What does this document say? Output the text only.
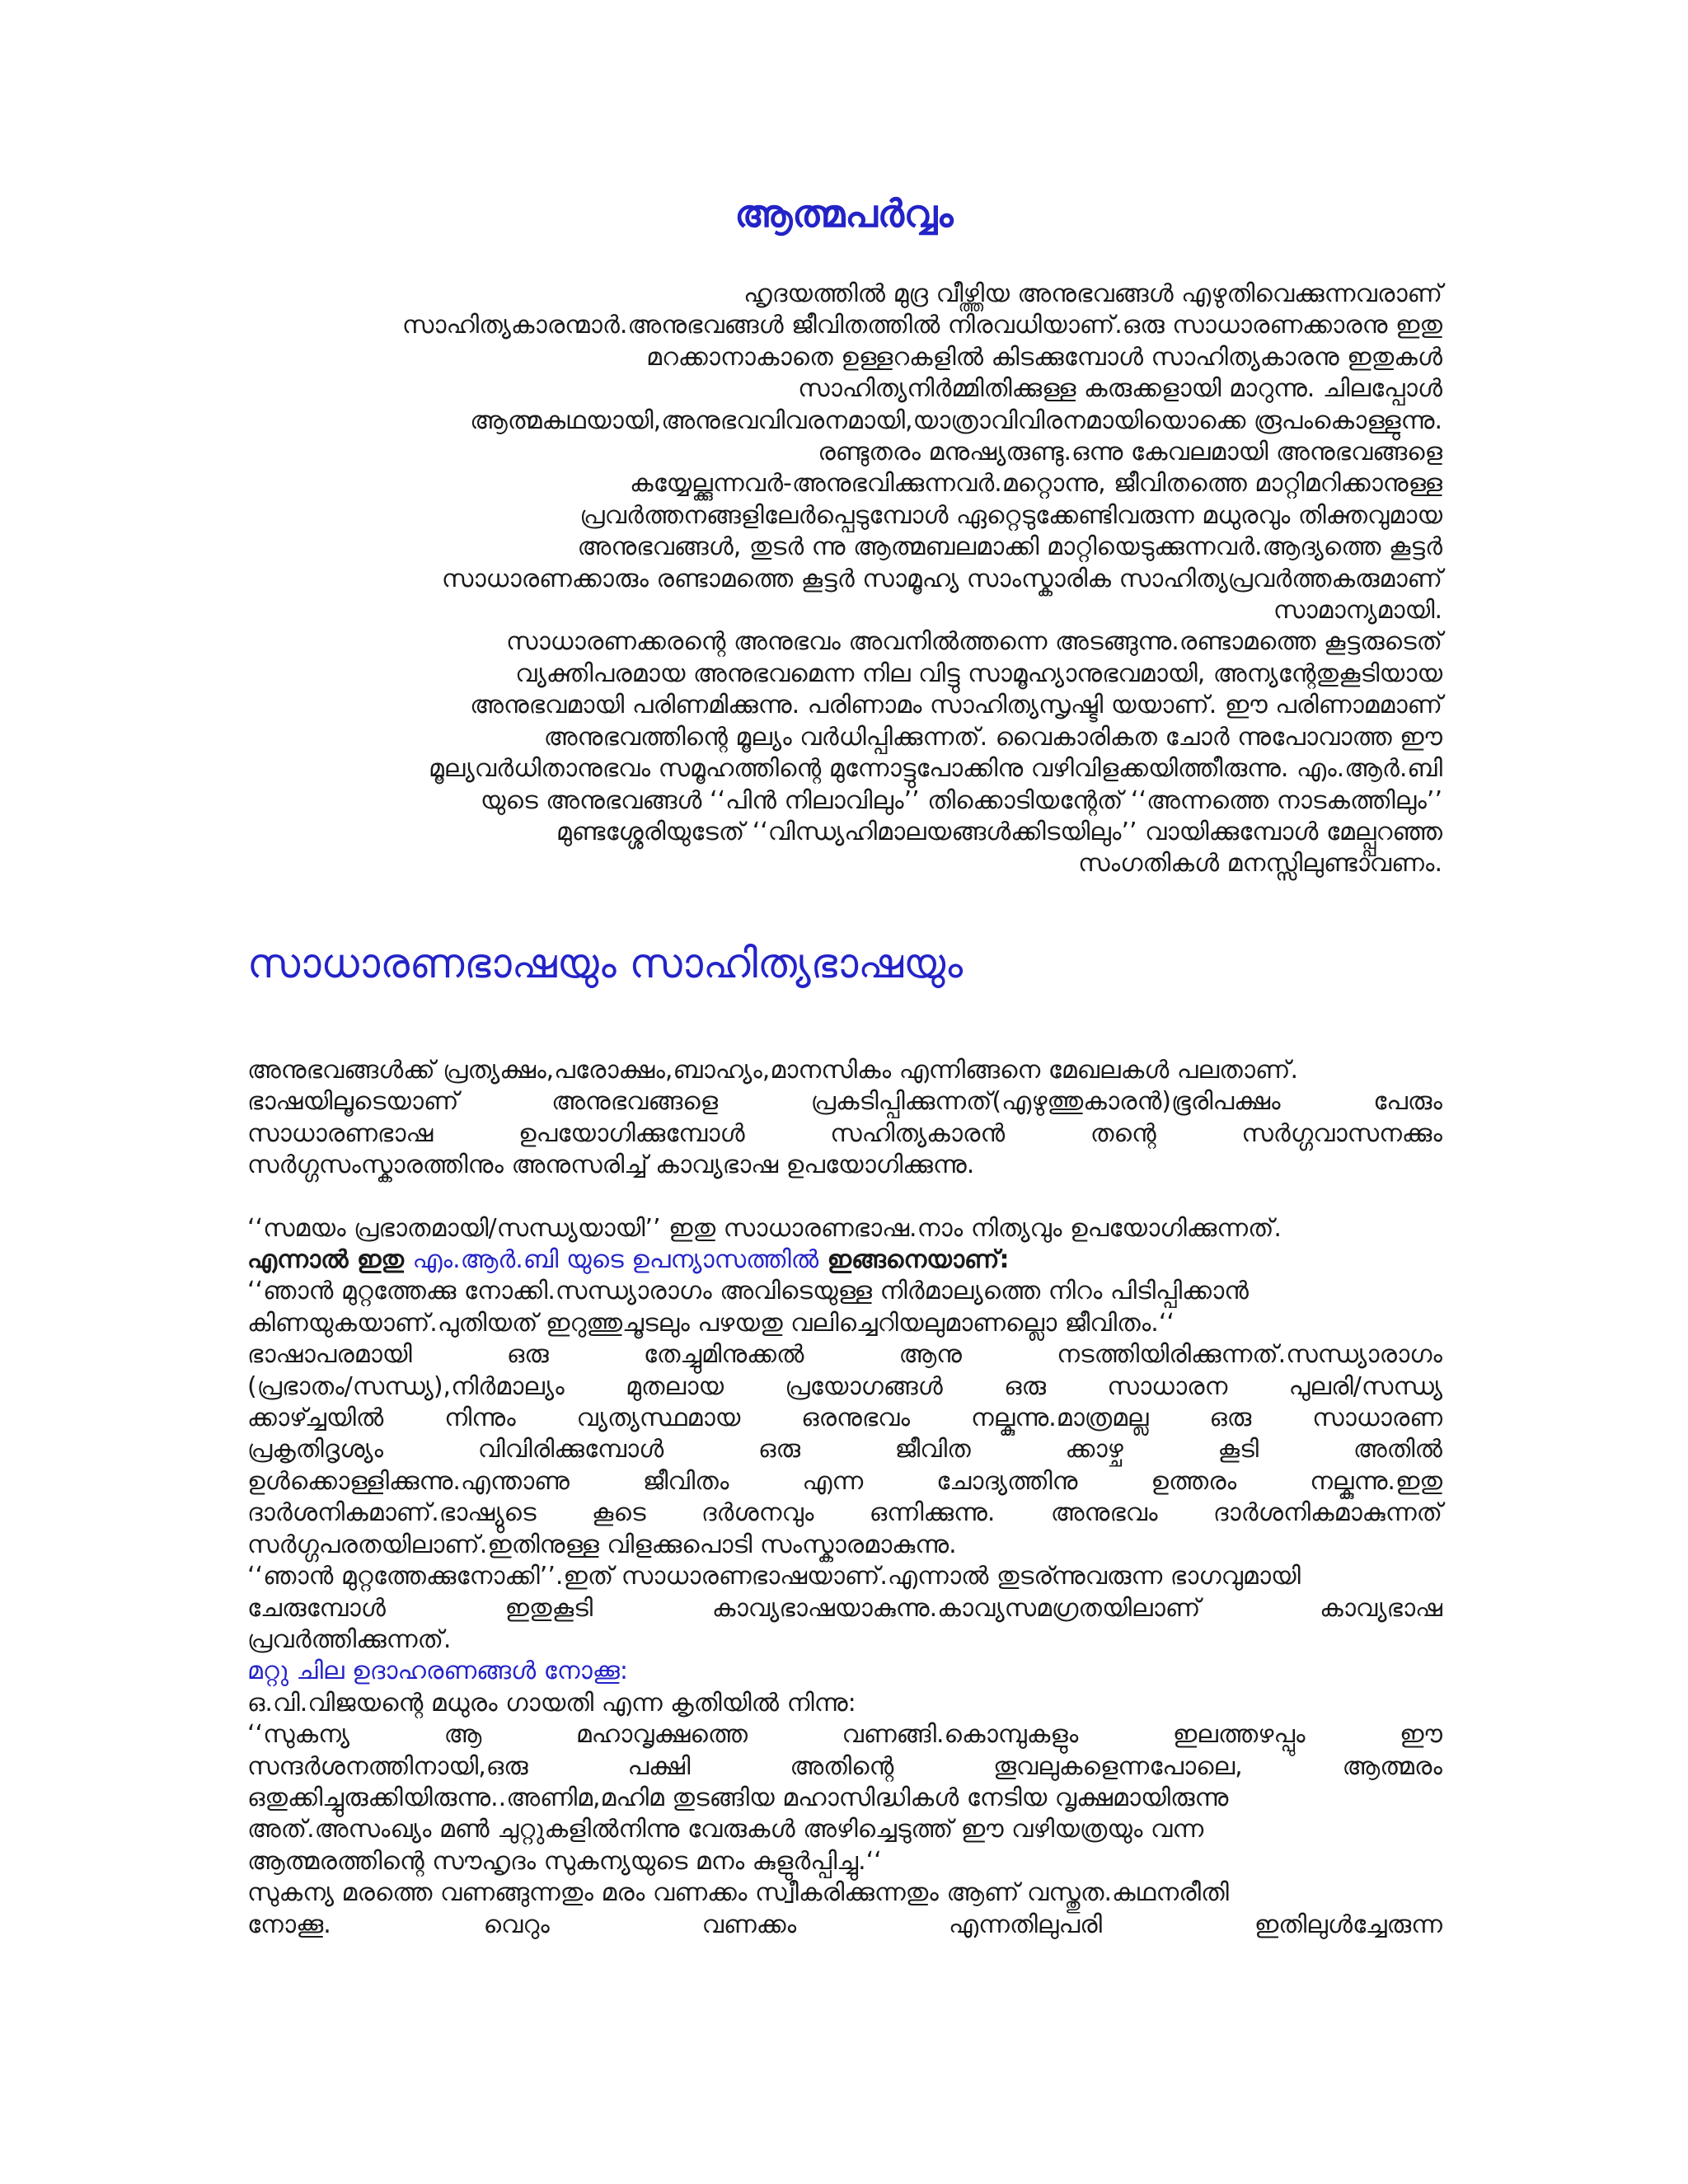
ആത്മപർവ്വം
ഹൃദയത്തിൽ മുദ്ര വീഴ്ത്തിയ അനുഭവങ്ങൾ എഴുതിവെക്കുന്നവരാണ്
സാഹിത്യകാരന്മാർ.അനുഭവങ്ങൾ ജീവിതത്തിൽ നിരവധിയാണ്.ഒരു സാധാരണക്കാരനു ഇതു
മറക്കാനാകാതെ ഉള്ളറകളിൽ കിടക്കുമ്പോൾ സാഹിത്യകാരനു ഇതുകൾ
സാഹിത്യനിർമ്മിതിക്കുള്ള കരുക്കളായി മാറുന്നു. ചിലപ്പോൾ
ആത്മകഥയായി,അനുഭവവിവരനമായി,യാത്രാവിവിരനമായിയൊക്കെ രൂപംകൊള്ളുന്നു.
രണ്ടുതരം മനുഷ്യരുണ്ടു.ഒന്നു കേവലമായി അനുഭവങ്ങളെ
കയ്യേല്ക്കുന്നവർ-അനുഭവിക്കുന്നവർ.മറ്റൊന്നു, ജീവിതത്തെ മാറ്റിമറിക്കാനുള്ള
പ്രവർത്തനങ്ങളിലേർപ്പെടുമ്പോൾ ഏറ്റെടുക്കേണ്ടിവരുന്ന മധുരവും തിക്തവുമായ
അനുഭവങ്ങൾ, തുടർ ന്നു ആത്മബലമാക്കി മാറ്റിയെടുക്കുന്നവർ.ആദ്യത്തെ കൂട്ടർ
സാധാരണക്കാരും രണ്ടാമത്തെ കൂട്ടർ സാമൂഹ്യ സാംസ്കാരിക സാഹിത്യപ്രവർത്തകരുമാണ്
സാമാന്യമായി.
സാധാരണക്കരന്റെ അനുഭവം അവനിൽത്തന്നെ അടങ്ങുന്നു.രണ്ടാമത്തെ കൂട്ടരുടെത്
വ്യക്തിപരമായ അനുഭവമെന്ന നില വിട്ടു സാമൂഹ്യാനുഭവമായി, അന്യന്റേതുകൂടിയായ
അനുഭവമായി പരിണമിക്കുന്നു. പരിണാമം സാഹിത്യസൃഷ്ടി യയാണ്. ഈ പരിണാമമാണ്
അനുഭവത്തിന്റെ മൂല്യം വർധിപ്പിക്കുന്നത്. വൈകാരികത ചോർ ന്നുപോവാത്ത ഈ
മൂല്യവർധിതാനുഭവം സമൂഹത്തിന്റെ മുന്നോട്ടുപോക്കിനു വഴിവിളക്കയിത്തീരുന്നു. എം.ആർ.ബി
യുടെ അനുഭവങ്ങൾ ‘‘പിൻ നിലാവിലും’’ തിക്കൊടിയന്റേത് ‘‘അന്നത്തെ നാടകത്തിലും’’
മുണ്ടശ്ശേരിയുടേത് ‘‘വിന്ധ്യഹിമാലയങ്ങൾക്കിടയിലും’’ വായിക്കുമ്പോൾ മേല്പ്പറഞ്ഞ
സംഗതികൾ മനസ്സിലുണ്ടാവണം.
സാധാരണഭാഷയും സാഹിത്യഭാഷയും
അനുഭവങ്ങൾക്ക് പ്രത്യക്ഷം,പരോക്ഷം,ബാഹ്യം,മാനസികം എന്നിങ്ങനെ മേഖലകൾ പലതാണ്.
ഭാഷയിലൂടെയാണ്	അനുഭവങ്ങളെ	പ്രകടിപ്പിക്കുന്നത്(എഴുത്തുകാരൻ)ഭൂരിപക്ഷം	പേരും
സാധാരണഭാഷ	ഉപയോഗിക്കുമ്പോൾ	സഹിത്യകാരൻ	തന്റെ	സർഗ്ഗവാസനക്കും
സർഗ്ഗസംസ്കാരത്തിനും അനുസരിച്ച് കാവ്യഭാഷ ഉപയോഗിക്കുന്നു.
‘‘സമയം പ്രഭാതമായി/സന്ധ്യയായി’’ ഇതു സാധാരണഭാഷ.നാം നിത്യവും ഉപയോഗിക്കുന്നത്.
എന്നാൽ ഇതു എം.ആർ.ബി യുടെ ഉപന്യാസത്തിൽ ഇങ്ങനെയാണ്:
‘‘ഞാൻ മുറ്റത്തേക്കു നോക്കി.സന്ധ്യാരാഗം അവിടെയുള്ള നിർമാല്യത്തെ നിറം പിടിപ്പിക്കാൻ
കിണയുകയാണ്.പുതിയത് ഇറുത്തുചൂടലും പഴയതു വലിച്ചെറിയലുമാണല്ലൊ ജീവിതം.‘‘
ഭാഷാപരമായി	ഒരു	തേച്ചുമിനുക്കൽ	ആനു	നടത്തിയിരിക്കുന്നത്.സന്ധ്യാരാഗം
(പ്രഭാതം/സന്ധ്യ),നിർമാല്യം മുതലായ പ്രയോഗങ്ങൾ ഒരു സാധാരന പുലരി/സന്ധ്യ
ക്കാഴ്ച്ചയിൽ നിന്നും വ്യത്യസ്ഥമായ ഒരനുഭവം നല്കുന്നു.മാത്രമല്ല ഒരു സാധാരണ
പ്രകൃതിദൃശ്യം	വിവിരിക്കുമ്പോൾ	ഒരു	ജീവിത	ക്കാഴ്ച	കൂടി	അതിൽ
ഉൾക്കൊള്ളിക്കുന്നു.എന്താണു	ജീവിതം	എന്ന	ചോദ്യത്തിനു	ഉത്തരം	നല്കുന്നു.ഇതു
ദാർശനികമാണ്.ഭാഷ്യുടെ കൂടെ ദർശനവും ഒന്നിക്കുന്നു. അനുഭവം ദാർശനികമാകുന്നത്
സർഗ്ഗപരതയിലാണ്.ഇതിനുള്ള വിളക്കുപൊടി സംസ്കാരമാകുന്നു.
‘‘ഞാൻ മുറ്റത്തേക്കുനോക്കി’’.ഇത് സാധാരണഭാഷയാണ്.എന്നാൽ തുടര്ന്നുവരുന്ന ഭാഗവുമായി
ചേരുമ്പോൾ	ഇതുകൂടി	കാവ്യഭാഷയാകുന്നു.കാവ്യസമഗ്രതയിലാണ്	കാവ്യഭാഷ
പ്രവർത്തിക്കുന്നത്.
മറ്റു ചില ഉദാഹരണങ്ങൾ നോക്കൂ:
ഒ.വി.വിജയന്റെ മധുരം ഗായതി എന്ന കൃതിയിൽ നിന്നു:
‘‘സുകന്യ	ആ	മഹാവൃക്ഷത്തെ	വണങ്ങി.കൊമ്പുകളും	ഇലത്തഴപ്പും	ഈ
സന്ദർശനത്തിനായി,ഒരു	പക്ഷി	അതിന്റെ	തൂവലുകളെന്നപോലെ,	ആത്മരം
ഒതുക്കിച്ചുരുക്കിയിരുന്നു..അണിമ,മഹിമ തുടങ്ങിയ മഹാസിദ്ധികൾ നേടിയ വൃക്ഷമായിരുന്നു
അത്.അസംഖ്യം മൺ ചുറ്റുകളിൽനിന്നു വേരുകൾ അഴിച്ചെടുത്ത് ഈ വഴിയത്രയും വന്ന
ആത്മരത്തിന്റെ സൗഹൃദം സുകന്യയുടെ മനം കുളുർപ്പിച്ചു.‘‘
സുകന്യ മരത്തെ വണങ്ങുന്നതും മരം വണക്കം സ്വീകരിക്കുന്നതും ആണ് വസ്തുത.കഥനരീതി
നോക്കൂ.	വെറും	വണക്കം	എന്നതിലുപരി	ഇതിലുൾച്ചേരുന്ന
